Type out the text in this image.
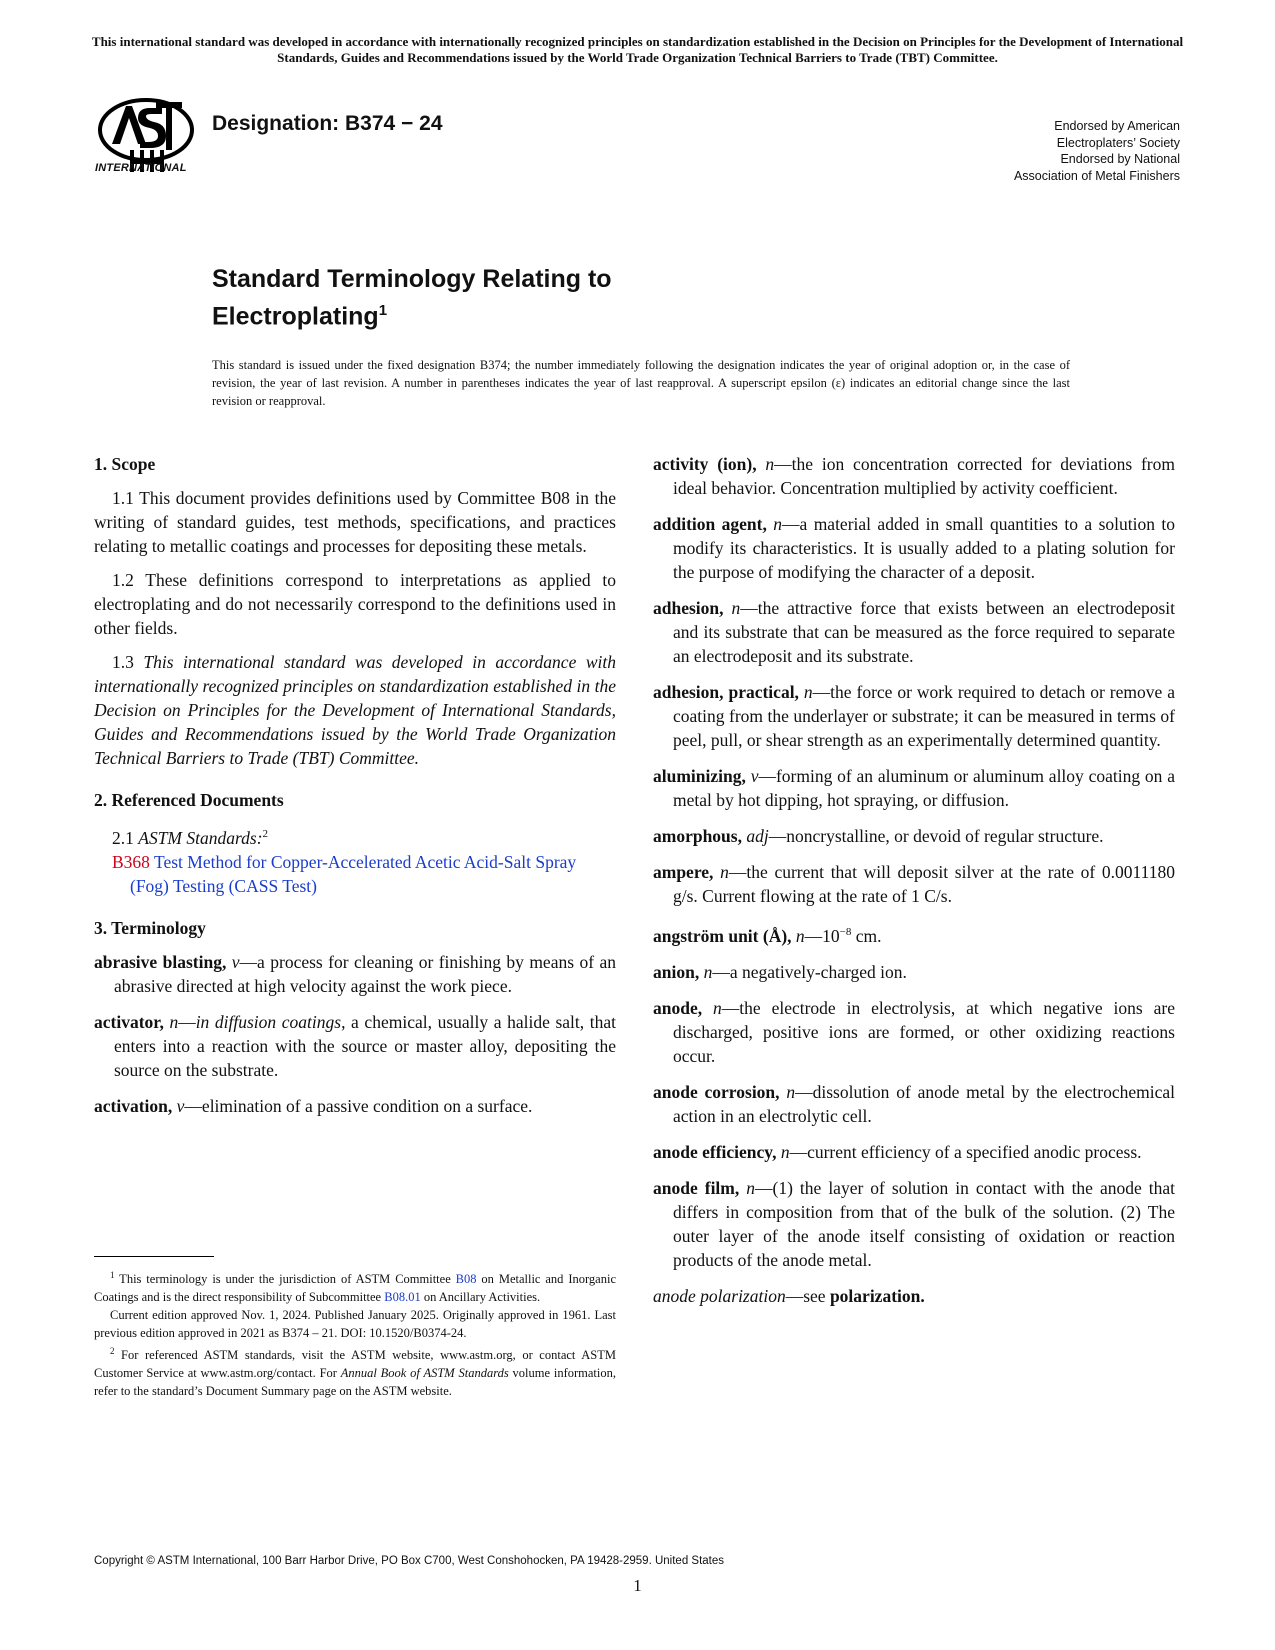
This international standard was developed in accordance with internationally recognized principles on standardization established in the Decision on Principles for the Development of International Standards, Guides and Recommendations issued by the World Trade Organization Technical Barriers to Trade (TBT) Committee.
INTERNATIONAL
Designation: B374 − 24	Endorsed by American
Electroplaters’ Society
Endorsed by National
Association of Metal Finishers
Standard Terminology Relating to
Electroplating$^1$
This standard is issued under the fixed designation B374; the number immediately following the designation indicates the year of original adoption or, in the case of revision, the year of last revision. A number in parentheses indicates the year of last reapproval. A superscript epsilon (ε) indicates an editorial change since the last revision or reapproval.
1. Scope

1.1 This document provides definitions used by Committee B08 in the writing of standard guides, test methods, specifications, and practices relating to metallic coatings and processes for depositing these metals.

1.2 These definitions correspond to interpretations as applied to electroplating and do not necessarily correspond to the definitions used in other fields.

1.3 This international standard was developed in accordance with internationally recognized principles on standardization established in the Decision on Principles for the Development of International Standards, Guides and Recommendations issued by the World Trade Organization Technical Barriers to Trade (TBT) Committee.

2. Referenced Documents

2.1 ASTM Standards:$^2$

B368 Test Method for Copper-Accelerated Acetic Acid-Salt Spray (Fog) Testing (CASS Test)

3. Terminology

abrasive blasting, v—a process for cleaning or finishing by means of an abrasive directed at high velocity against the work piece.

activator, n—in diffusion coatings, a chemical, usually a halide salt, that enters into a reaction with the source or master alloy, depositing the source on the substrate.

activation, v—elimination of a passive condition on a surface.

activity (ion), n—the ion concentration corrected for deviations from ideal behavior. Concentration multiplied by activity coefficient.

addition agent, n—a material added in small quantities to a solution to modify its characteristics. It is usually added to a plating solution for the purpose of modifying the character of a deposit.

adhesion, n—the attractive force that exists between an electrodeposit and its substrate that can be measured as the force required to separate an electrodeposit and its substrate.

adhesion, practical, n—the force or work required to detach or remove a coating from the underlayer or substrate; it can be measured in terms of peel, pull, or shear strength as an experimentally determined quantity.

aluminizing, v—forming of an aluminum or aluminum alloy coating on a metal by hot dipping, hot spraying, or diffusion.

amorphous, adj—noncrystalline, or devoid of regular structure.

ampere, n—the current that will deposit silver at the rate of 0.0011180 g/s. Current flowing at the rate of 1 C/s.

angström unit (Å), $n—10^{-8}$ cm.

anion, n—a negatively-charged ion.

anode, n—the electrode in electrolysis, at which negative ions are discharged, positive ions are formed, or other oxidizing reactions occur.

anode corrosion, n—dissolution of anode metal by the electrochemical action in an electrolytic cell.

anode efficiency, n—current efficiency of a specified anodic process.

anode film, n—(1) the layer of solution in contact with the anode that differs in composition from that of the bulk of the solution. (2) The outer layer of the anode itself consisting of oxidation or reaction products of the anode metal.

anode polarization—see polarization.

$^1$ This terminology is under the jurisdiction of ASTM Committee B08 on Metallic and Inorganic Coatings and is the direct responsibility of Subcommittee B08.01 on Ancillary Activities.

Current edition approved Nov. 1, 2024. Published January 2025. Originally approved in 1961. Last previous edition approved in 2021 as B374 – 21. DOI: 10.1520/B0374-24.

$^2$ For referenced ASTM standards, visit the ASTM website, www.astm.org, or contact ASTM Customer Service at www.astm.org/contact. For Annual Book of ASTM Standards volume information, refer to the standard’s Document Summary page on the ASTM website.

Copyright © ASTM International, 100 Barr Harbor Drive, PO Box C700, West Conshohocken, PA 19428-2959. United States
1
